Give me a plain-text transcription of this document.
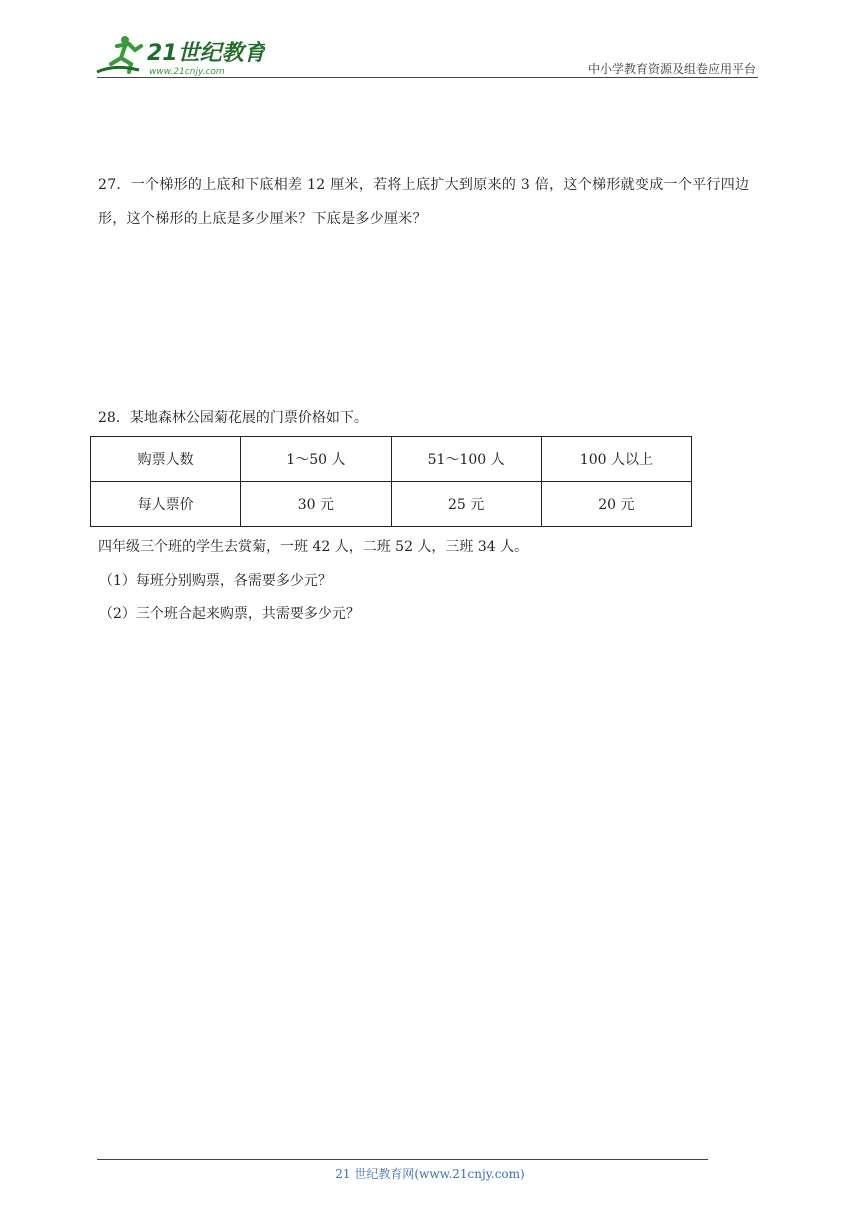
21世纪教育
www.21cnjy.com	中小学教育资源及组卷应用平台
27．一个梯形的上底和下底相差 12 厘米，若将上底扩大到原来的 3 倍，这个梯形就变成一个平行四边形，这个梯形的上底是多少厘米？下底是多少厘米？
28．某地森林公园菊花展的门票价格如下。
购票人数	1～50 人	51～100 人	100 人以上
每人票价	30 元	25 元	20 元
四年级三个班的学生去赏菊，一班 42 人，二班 52 人，三班 34 人。
（1）每班分别购票，各需要多少元？
（2）三个班合起来购票，共需要多少元？
21 世纪教育网(www.21cnjy.com)
